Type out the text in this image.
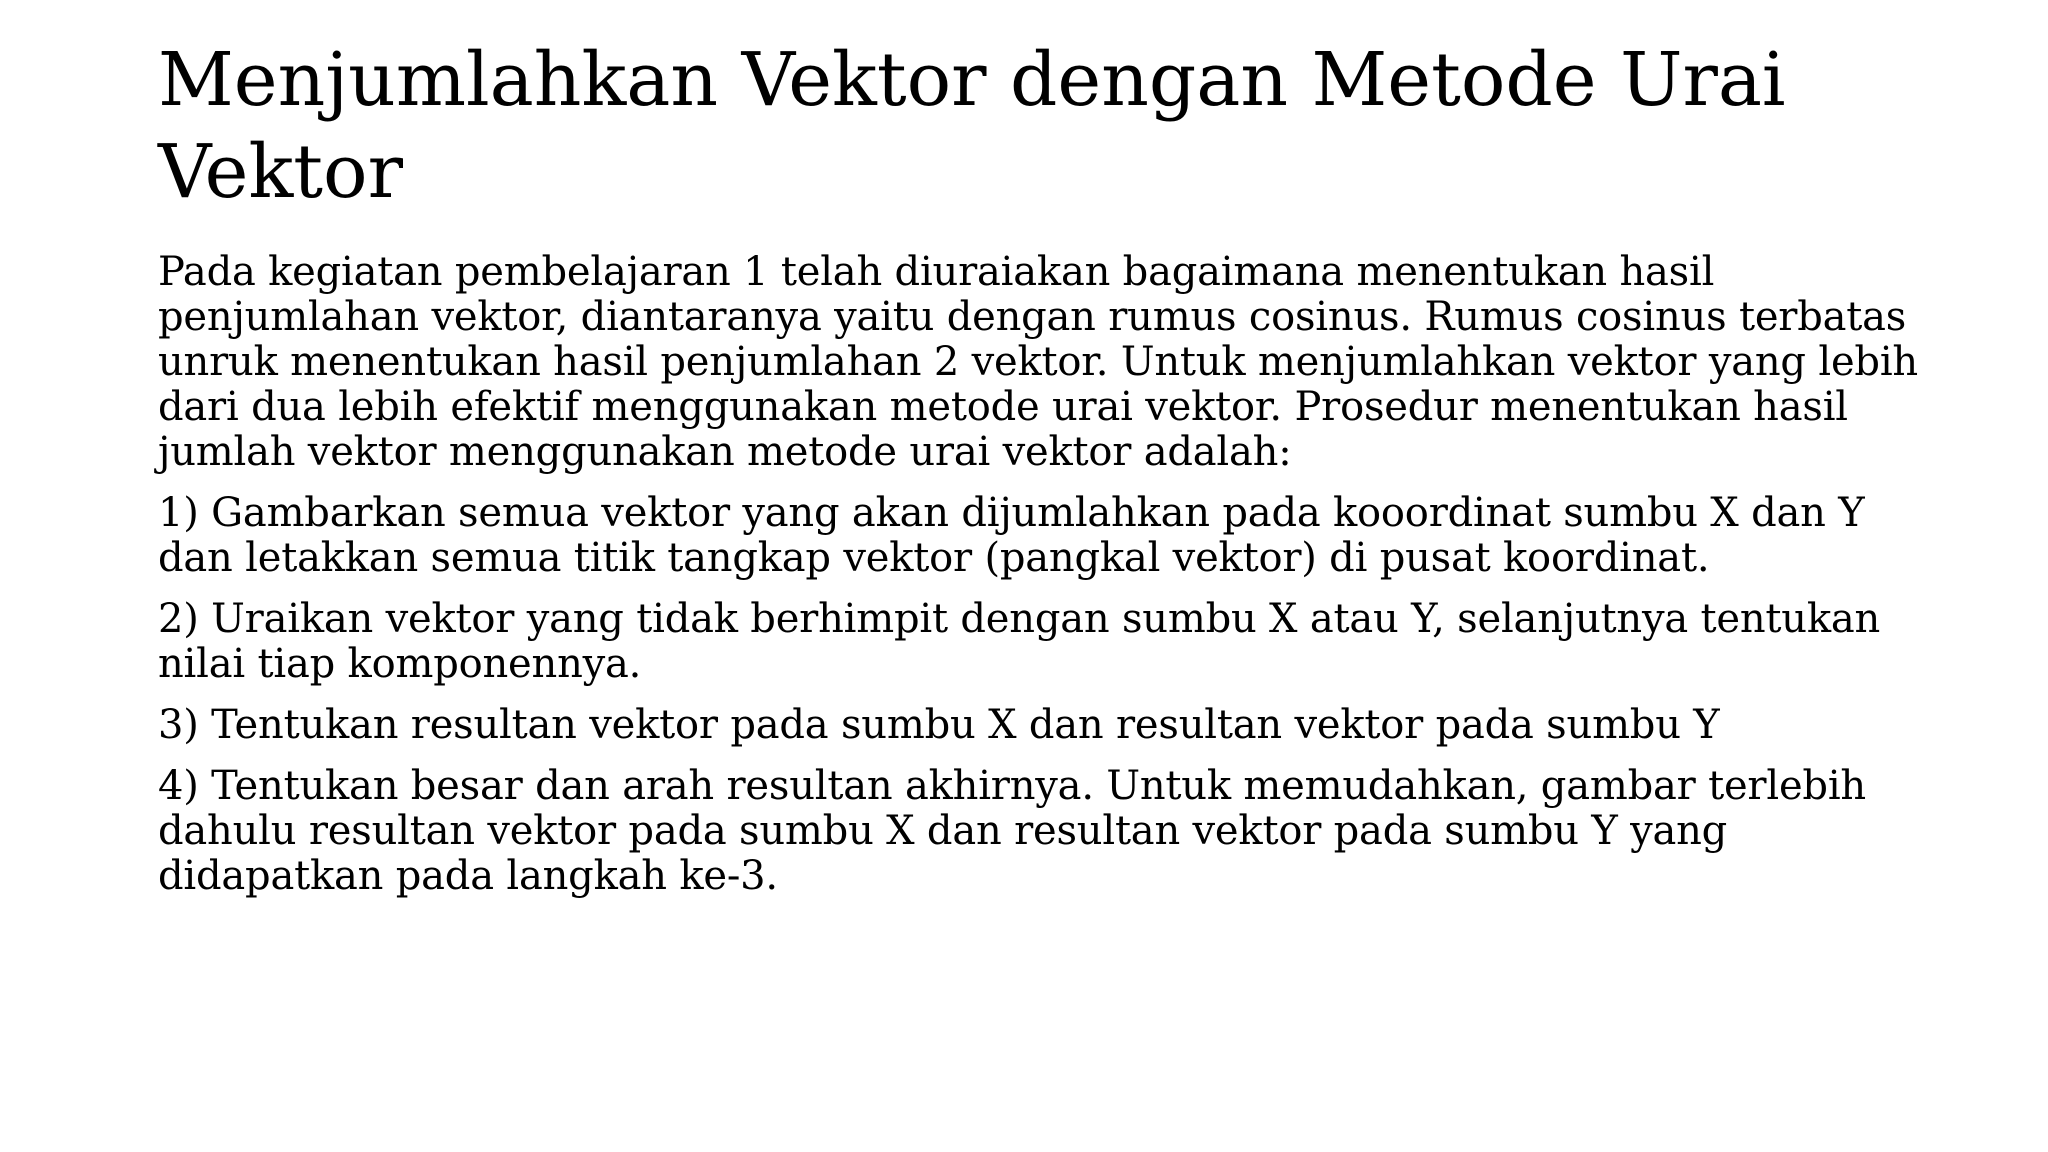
Menjumlahkan Vektor dengan Metode Urai Vektor

Pada kegiatan pembelajaran 1 telah diuraiakan bagaimana menentukan hasil penjumlahan vektor, diantaranya yaitu dengan rumus cosinus. Rumus cosinus terbatas unruk menentukan hasil penjumlahan 2 vektor. Untuk menjumlahkan vektor yang lebih dari dua lebih efektif menggunakan metode urai vektor. Prosedur menentukan hasil jumlah vektor menggunakan metode urai vektor adalah:

1) Gambarkan semua vektor yang akan dijumlahkan pada kooordinat sumbu X dan Y dan letakkan semua titik tangkap vektor (pangkal vektor) di pusat koordinat.

2) Uraikan vektor yang tidak berhimpit dengan sumbu X atau Y, selanjutnya tentukan nilai tiap komponennya.

3) Tentukan resultan vektor pada sumbu X dan resultan vektor pada sumbu Y

4) Tentukan besar dan arah resultan akhirnya. Untuk memudahkan, gambar terlebih dahulu resultan vektor pada sumbu X dan resultan vektor pada sumbu Y yang didapatkan pada langkah ke-3.
